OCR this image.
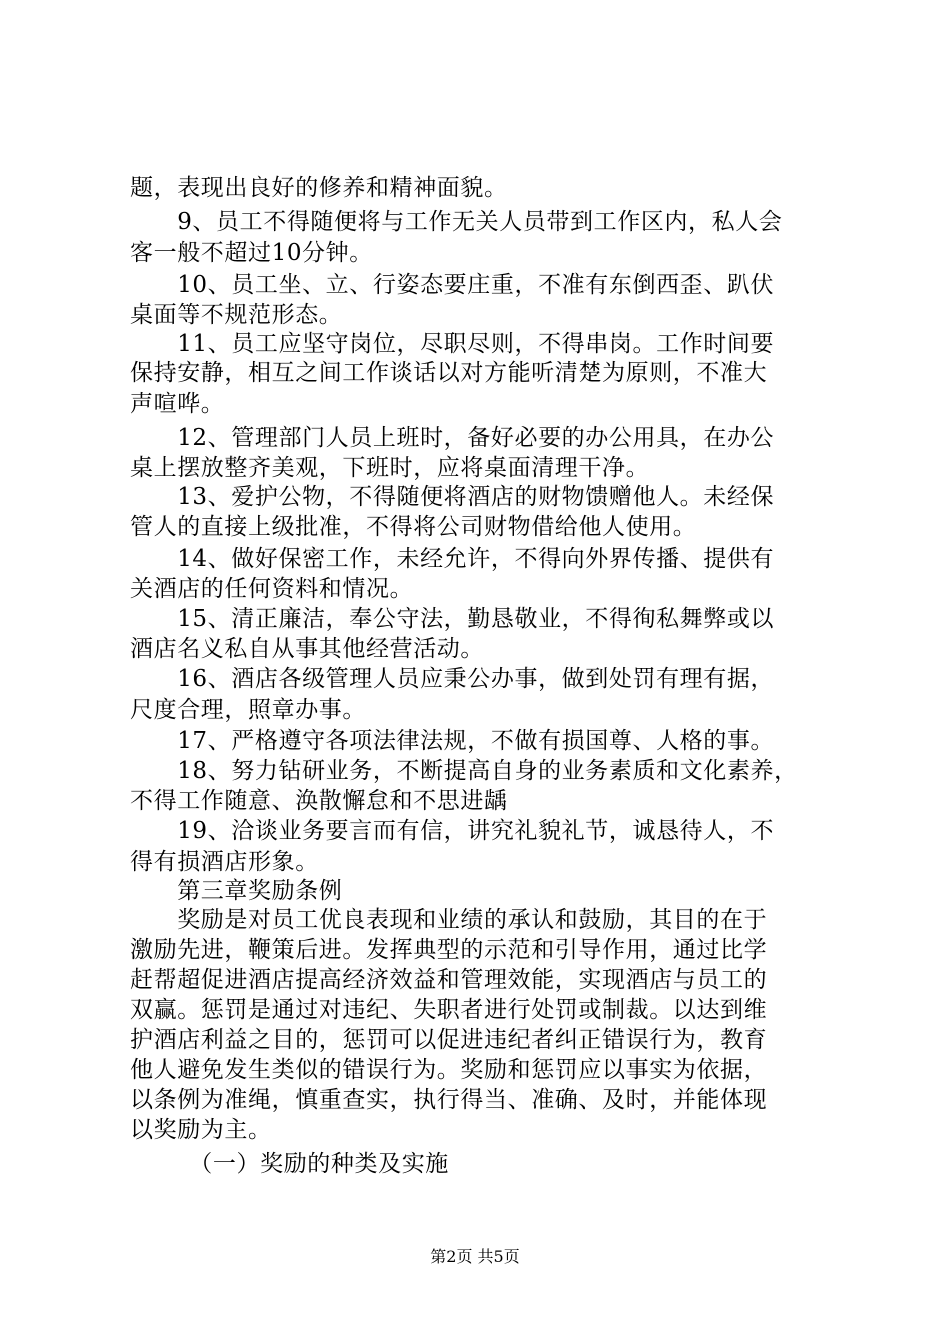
题，表现出良好的修养和精神面貌。
　　9、员工不得随便将与工作无关人员带到工作区内，私人会
客一般不超过10分钟。
　　10、员工坐、立、行姿态要庄重，不准有东倒西歪、趴伏
桌面等不规范形态。
　　11、员工应坚守岗位，尽职尽则，不得串岗。工作时间要
保持安静，相互之间工作谈话以对方能听清楚为原则，不准大
声喧哗。
　　12、管理部门人员上班时，备好必要的办公用具，在办公
桌上摆放整齐美观，下班时，应将桌面清理干净。
　　13、爱护公物，不得随便将酒店的财物馈赠他人。未经保
管人的直接上级批准，不得将公司财物借给他人使用。
　　14、做好保密工作，未经允许，不得向外界传播、提供有
关酒店的任何资料和情况。
　　15、清正廉洁，奉公守法，勤恳敬业，不得徇私舞弊或以
酒店名义私自从事其他经营活动。
　　16、酒店各级管理人员应秉公办事，做到处罚有理有据，
尺度合理，照章办事。
　　17、严格遵守各项法律法规，不做有损国尊、人格的事。
　　18、努力钻研业务，不断提高自身的业务素质和文化素养，
不得工作随意、涣散懈怠和不思进龋
　　19、洽谈业务要言而有信，讲究礼貌礼节，诚恳待人，不
得有损酒店形象。
　　第三章奖励条例
　　奖励是对员工优良表现和业绩的承认和鼓励，其目的在于
激励先进，鞭策后进。发挥典型的示范和引导作用，通过比学
赶帮超促进酒店提高经济效益和管理效能，实现酒店与员工的
双赢。惩罚是通过对违纪、失职者进行处罚或制裁。以达到维
护酒店利益之目的，惩罚可以促进违纪者纠正错误行为，教育
他人避免发生类似的错误行为。奖励和惩罚应以事实为依据，
以条例为准绳，慎重查实，执行得当、准确、及时，并能体现
以奖励为主。
　　　（一）奖励的种类及实施
第2页 共5页
